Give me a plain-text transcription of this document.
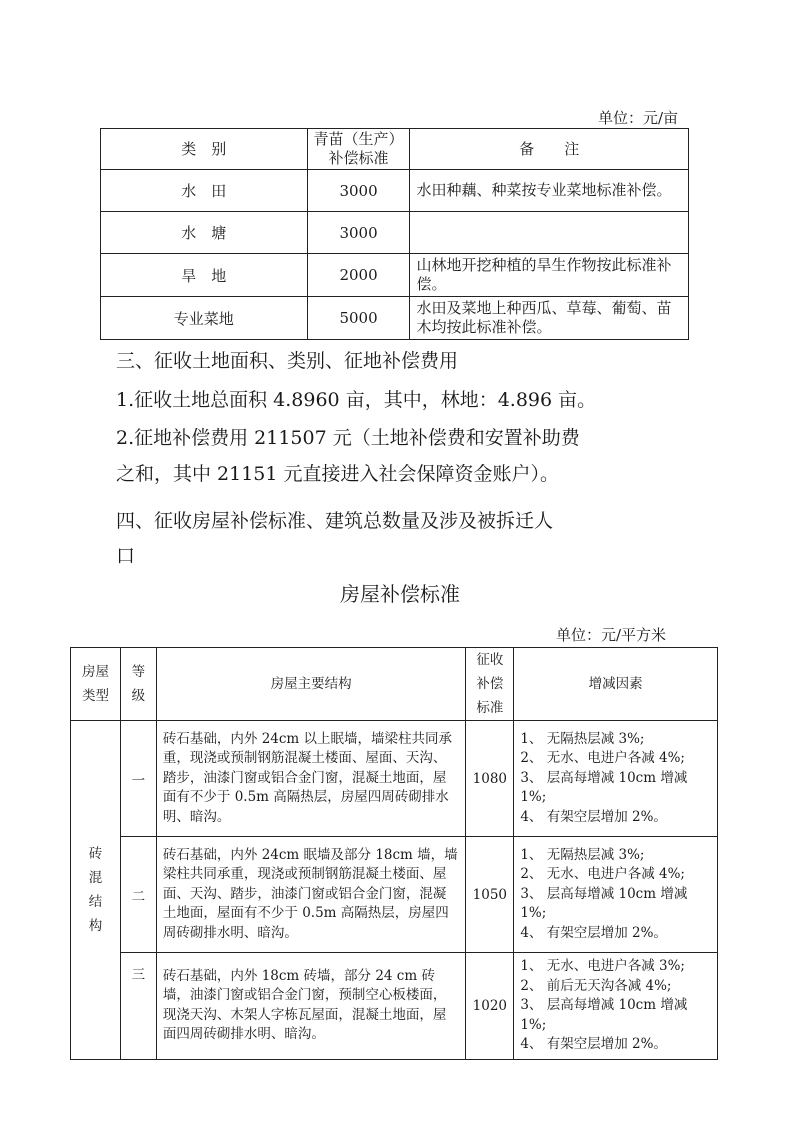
单位：元/亩
类　别	青苗（生产）补偿标准	备　　注
水　田	3000	水田种藕、种菜按专业菜地标准补偿。
水　塘	3000	
旱　地	2000	山林地开挖种植的旱生作物按此标准补偿。
专业菜地	5000	水田及菜地上种西瓜、草莓、葡萄、苗木均按此标准补偿。
三、征收土地面积、类别、征地补偿费用
1.征收土地总面积 4.8960 亩，其中，林地：4.896 亩。
2.征地补偿费用 211507 元（土地补偿费和安置补助费
之和，其中 21151 元直接进入社会保障资金账户）。
四、征收房屋补偿标准、建筑总数量及涉及被拆迁人
口
房屋补偿标准
单位：元/平方米
房屋类型	等级	房屋主要结构	征收补偿标准	增减因素
砖混结构	一	砖石基础，内外 24cm 以上眠墙，墙梁柱共同承重，现浇或预制钢筋混凝土楼面、屋面、天沟、踏步，油漆门窗或铝合金门窗，混凝土地面，屋面有不少于 0.5m 高隔热层，房屋四周砖砌排水明、暗沟。	1080	1、 无隔热层减 3%;
2、 无水、电进户各减 4%;
3、 层高每增减 10cm 增减 1%;
4、 有架空层增加 2%。

	二	砖石基础，内外 24cm 眠墙及部分 18cm 墙，墙梁柱共同承重，现浇或预制钢筋混凝土楼面、屋面、天沟、踏步，油漆门窗或铝合金门窗，混凝土地面，屋面有不少于 0.5m 高隔热层，房屋四周砖砌排水明、暗沟。	1050	1、 无隔热层减 3%;
2、 无水、电进户各减 4%;
3、 层高每增减 10cm 增减 1%;
4、 有架空层增加 2%。

	三	砖石基础，内外 18cm 砖墙，部分 24 cm 砖墙，油漆门窗或铝合金门窗，预制空心板楼面，现浇天沟、木架人字栋瓦屋面，混凝土地面，屋面四周砖砌排水明、暗沟。	1020	1、 无水、电进户各减 3%;
2、 前后无天沟各减 4%;
3、 层高每增减 10cm 增减 1%;
4、 有架空层增加 2%。
